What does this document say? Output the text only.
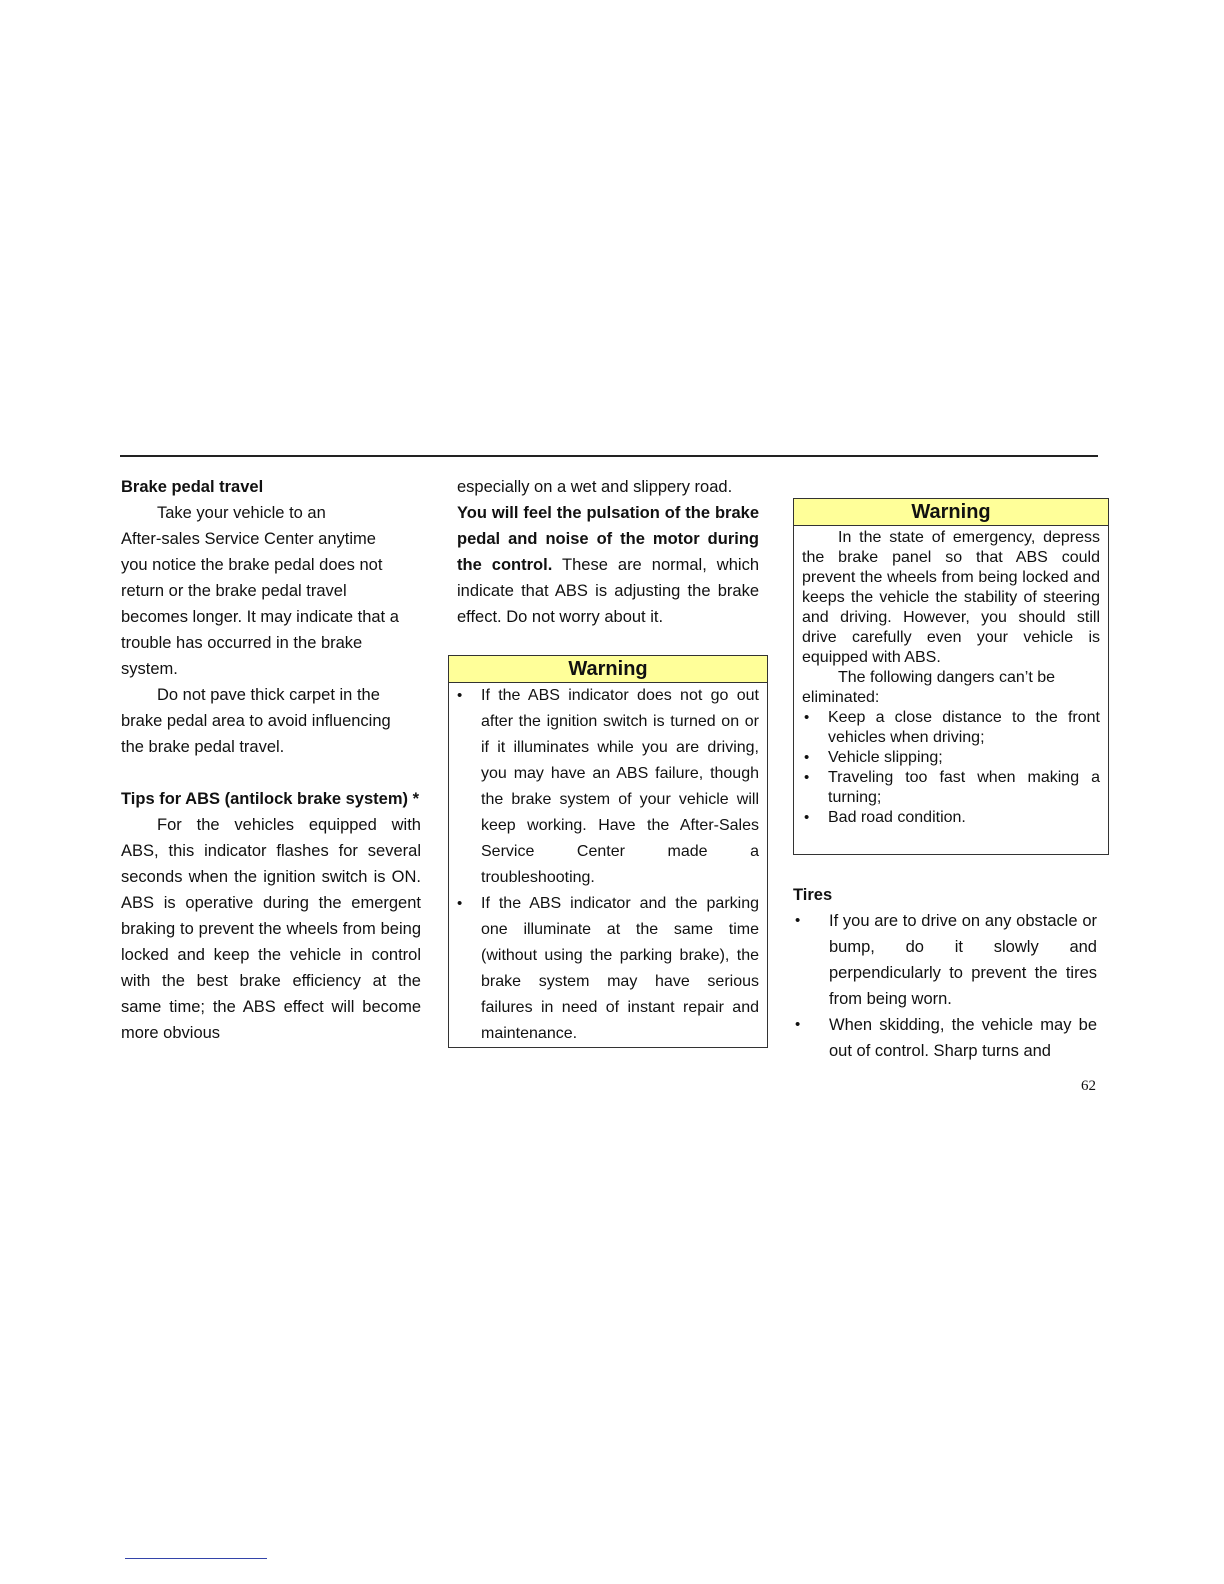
Brake pedal travel

Take your vehicle to an

After-sales Service Center anytime

you notice the brake pedal does not

return or the brake pedal travel

becomes longer. It may indicate that a

trouble has occurred in the brake

system.

Do not pave thick carpet in the

brake pedal area to avoid influencing

the brake pedal travel.

Tips for ABS (antilock brake system) *

For the vehicles equipped with ABS, this indicator flashes for several seconds when the ignition switch is ON. ABS is operative during the emergent braking to prevent the wheels from being locked and keep the vehicle in control with the best brake efficiency at the same time; the ABS effect will become more obvious

especially on a wet and slippery road.

You will feel the pulsation of the brake pedal and noise of the motor during the control. These are normal, which indicate that ABS is adjusting the brake effect. Do not worry about it.

Warning
• If the ABS indicator does not go out after the ignition switch is turned on or if it illuminates while you are driving, you may have an ABS failure, though the brake system of your vehicle will keep working. Have the After-Sales Service Center made a troubleshooting.
• If the ABS indicator and the parking one illuminate at the same time (without using the parking brake), the brake system may have serious failures in need of instant repair and maintenance.
Warning

In the state of emergency, depress the brake panel so that ABS could prevent the wheels from being locked and keeps the vehicle the stability of steering and driving. However, you should still drive carefully even your vehicle is equipped with ABS.

The following dangers can’t be eliminated:

• Keep a close distance to the front vehicles when driving;
• Vehicle slipping;
• Traveling too fast when making a turning;
• Bad road condition.

Tires

• If you are to drive on any obstacle or bump, do it slowly and perpendicularly to prevent the tires from being worn.
• When skidding, the vehicle may be out of control. Sharp turns and
62
